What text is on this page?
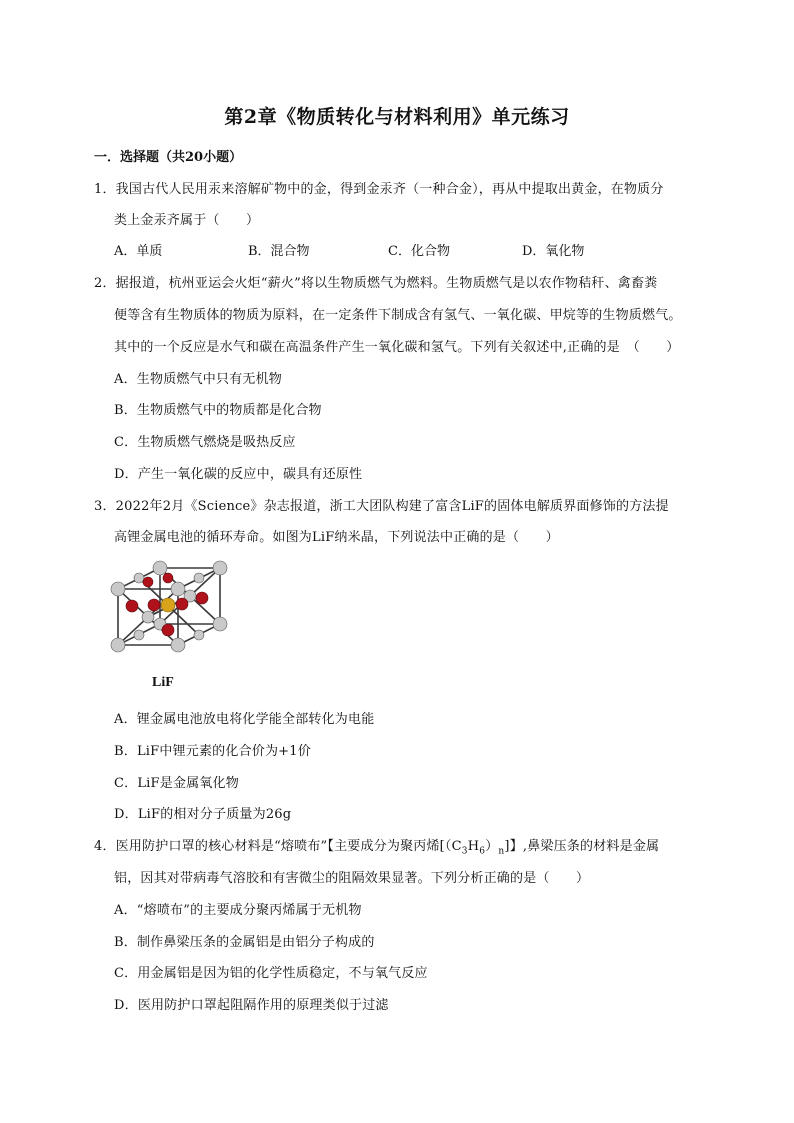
第2章《物质转化与材料利用》单元练习
一．选择题（共20小题）
1．我国古代人民用汞来溶解矿物中的金，得到金汞齐（一种合金），再从中提取出黄金，在物质分
类上金汞齐属于（　　）
A．单质	B．混合物	C．化合物	D．氧化物
2．据报道，杭州亚运会火炬“薪火”将以生物质燃气为燃料。生物质燃气是以农作物秸秆、禽畜粪
便等含有生物质体的物质为原料，在一定条件下制成含有氢气、一氧化碳、甲烷等的生物质燃气。
其中的一个反应是水气和碳在高温条件产生一氧化碳和氢气。下列有关叙述中,正确的是　（　　）
A．生物质燃气中只有无机物
B．生物质燃气中的物质都是化合物
C．生物质燃气燃烧是吸热反应
D．产生一氧化碳的反应中，碳具有还原性
3．2022年2月《Science》杂志报道，浙工大团队构建了富含LiF的固体电解质界面修饰的方法提
高锂金属电池的循环寿命。如图为LiF纳米晶，下列说法中正确的是（　　）
LiF
A．锂金属电池放电将化学能全部转化为电能
B．LiF中锂元素的化合价为+1价
C．LiF是金属氧化物
D．LiF的相对分子质量为26g
4．医用防护口罩的核心材料是“熔喷布”【主要成分为聚丙烯$[(C_3H_6)_n]$】,鼻梁压条的材料是金属
铝，因其对带病毒气溶胶和有害微尘的阻隔效果显著。下列分析正确的是（　　）
A．“熔喷布”的主要成分聚丙烯属于无机物
B．制作鼻梁压条的金属铝是由铝分子构成的
C．用金属铝是因为铝的化学性质稳定，不与氧气反应
D．医用防护口罩起阻隔作用的原理类似于过滤
